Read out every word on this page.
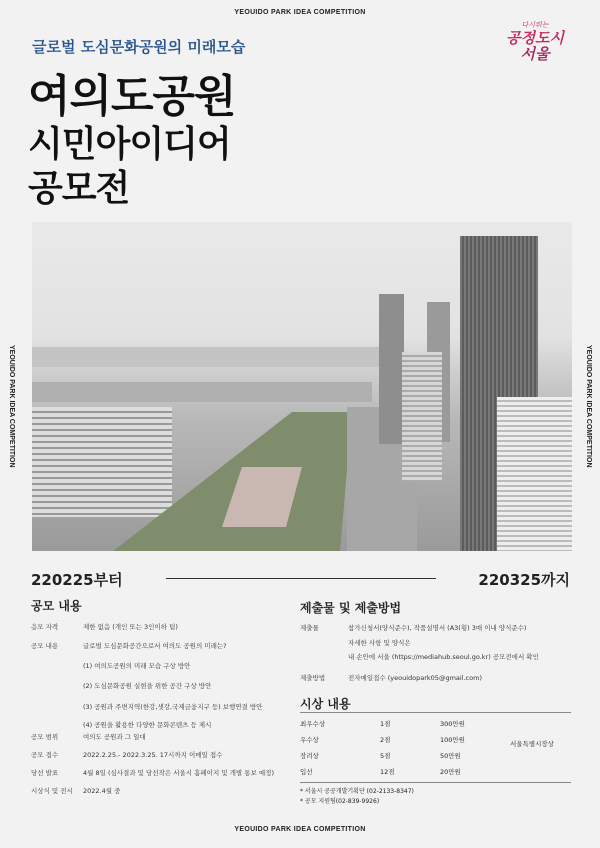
YEOUIDO PARK IDEA COMPETITION
YEOUIDO PARK IDEA COMPETITION	YEOUIDO PARK IDEA COMPETITION
글로벌 도심문화공원의 미래모습
여의도공원
시민아이디어
공모전
다시뛰는
공정도시
서울
220225부터	220325까지
공모 내용
응모 자격	제한 없음 (개인 또는 3인이하 팀)
공모 내용	글로벌 도심문화공간으로서 여의도 공원의 미래는?
(1) 여의도공원의 미래 모습 구상 방안
(2) 도심문화공원 실현을 위한 공간 구상 방안
(3) 공원과 주변지역(한강,샛강,국제금융지구 등) 보행연결 방안
(4) 공원을 활용한 다양한 문화콘텐츠 등 제시
공모 범위	여의도 공원과 그 일대
공모 접수	2022.2.25.- 2022.3.25. 17시까지 이메일 접수
당선 발표	4월 8일 (심사결과 및 당선작은 서울시 홈페이지 및 개별 통보 예정)
시상식 및 전시	2022.4월 중
제출물 및 제출방법
제출물	참가신청서(양식준수), 작품설명서 (A3(횡) 3매 이내 양식준수)
자세한 사항 및 양식은
내 손안에 서울 (https://mediahub.seoul.go.kr) 공모전에서 확인
제출방법	전자메일접수 (yeouidopark05@gmail.com)
시상 내용
최우수상	1점	300만원
우수상	2점	100만원
장려상	5점	50만원
입선	12점	20만원
서울특별시장상
* 서울시 공공개발기획단 (02-2133-8347)
* 공모 지원팀(02-839-9926)
YEOUIDO PARK IDEA COMPETITION
